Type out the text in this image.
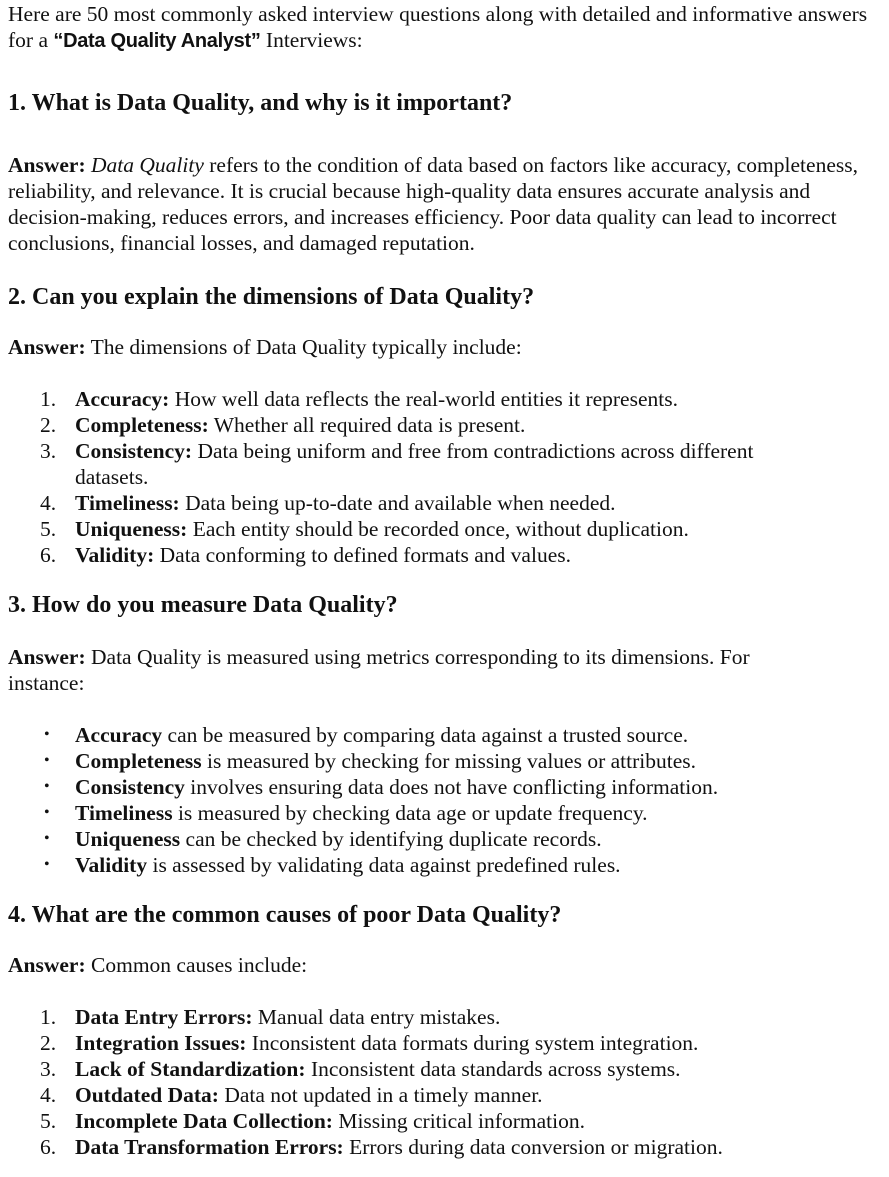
Here are 50 most commonly asked interview questions along with detailed and informative answers for a “Data Quality Analyst” Interviews:

1. What is Data Quality, and why is it important?

Answer: Data Quality refers to the condition of data based on factors like accuracy, completeness, reliability, and relevance. It is crucial because high-quality data ensures accurate analysis and decision-making, reduces errors, and increases efficiency. Poor data quality can lead to incorrect conclusions, financial losses, and damaged reputation.

2. Can you explain the dimensions of Data Quality?

Answer: The dimensions of Data Quality typically include:

1. Accuracy: How well data reflects the real-world entities it represents.
2. Completeness: Whether all required data is present.
3. Consistency: Data being uniform and free from contradictions across different datasets.
4. Timeliness: Data being up-to-date and available when needed.
5. Uniqueness: Each entity should be recorded once, without duplication.
6. Validity: Data conforming to defined formats and values.
3. How do you measure Data Quality?

Answer: Data Quality is measured using metrics corresponding to its dimensions. For instance:

• Accuracy can be measured by comparing data against a trusted source.
• Completeness is measured by checking for missing values or attributes.
• Consistency involves ensuring data does not have conflicting information.
• Timeliness is measured by checking data age or update frequency.
• Uniqueness can be checked by identifying duplicate records.
• Validity is assessed by validating data against predefined rules.
4. What are the common causes of poor Data Quality?

Answer: Common causes include:

1. Data Entry Errors: Manual data entry mistakes.
2. Integration Issues: Inconsistent data formats during system integration.
3. Lack of Standardization: Inconsistent data standards across systems.
4. Outdated Data: Data not updated in a timely manner.
5. Incomplete Data Collection: Missing critical information.
6. Data Transformation Errors: Errors during data conversion or migration.
